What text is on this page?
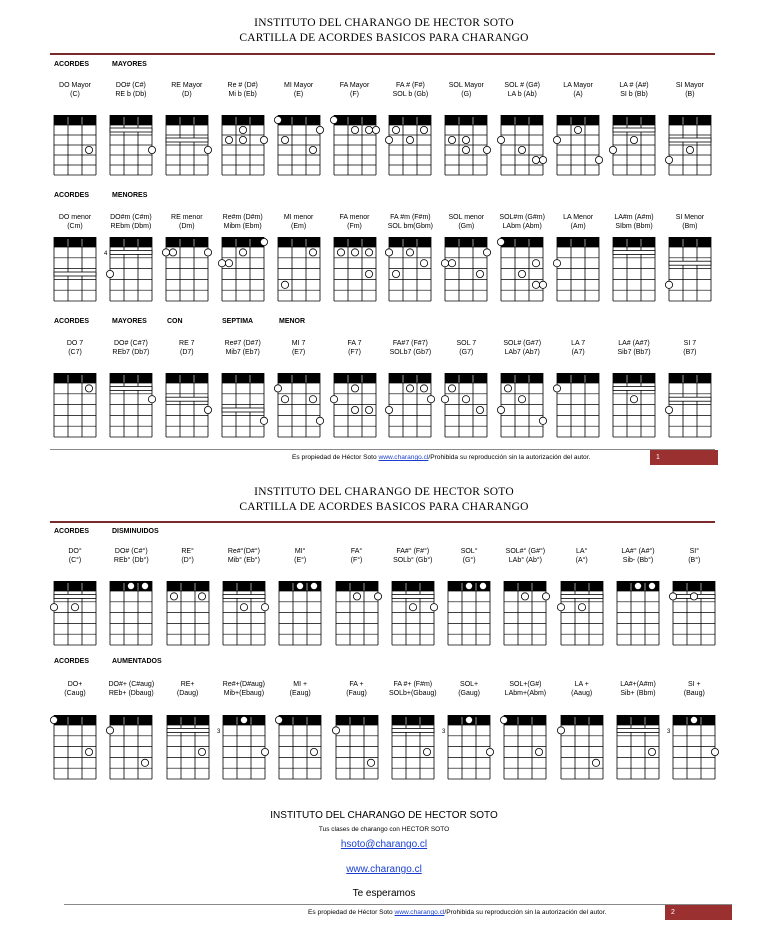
INSTITUTO DEL CHARANGO DE HECTOR SOTO
CARTILLA DE ACORDES BASICOS PARA CHARANGO
ACORDES	MAYORES
DO Mayor
(C)
DO# (C#)
RE b (Db)
RE Mayor
(D)
Re # (D#)
Mi b (Eb)
MI Mayor
(E)
FA Mayor
(F)
FA # (F#)
SOL b (Gb)
SOL Mayor
(G)
SOL # (G#)
LA b (Ab)
LA Mayor
(A)
LA # (A#)
SI b (Bb)
SI Mayor
(B)
ACORDES	MENORES
DO menor
(Cm)
DO#m (C#m)
REbm (Dbm)
4
RE menor
(Dm)
Re#m (D#m)
Mibm (Ebm)
MI menor
(Em)
FA menor
(Fm)
FA #m (F#m)
SOL bm(Gbm)
SOL menor
(Gm)
SOL#m (G#m)
LAbm (Abm)
LA Menor
(Am)
LA#m (A#m)
SIbm (Bbm)
SI Menor
(Bm)
ACORDES	MAYORES	CON	SEPTIMA	MENOR
DO 7
(C7)
DO# (C#7)
REb7 (Db7)
RE 7
(D7)
Re#7 (D#7)
Mib7 (Eb7)
MI 7
(E7)
FA 7
(F7)
FA#7 (F#7)
SOLb7 (Gb7)
SOL 7
(G7)
SOL# (G#7)
LAb7 (Ab7)
LA 7
(A7)
LA# (A#7)
Sib7 (Bb7)
SI 7
(B7)
Es propiedad de Héctor Soto www.charango.cl/Prohibida su reproducción sin la autorización del autor.	1
INSTITUTO DEL CHARANGO DE HECTOR SOTO
CARTILLA DE ACORDES BASICOS PARA CHARANGO
ACORDES	DISMINUIDOS
DO°
(C°)
DO# (C#°)
REb° (Db°)
RE°
(D°)
Re#°(D#°)
Mib° (Eb°)
MI°
(E°)
FA°
(F°)
FA#° (F#°)
SOLb° (Gb°)
SOL°
(G°)
SOL#° (G#°)
LAb° (Ab°)
LA°
(A°)
LA#° (A#°)
Sib- (Bb°)
SI°
(B°)
ACORDES	AUMENTADOS
DO+
(Caug)
DO#+ (C#aug)
REb+ (Dbaug)
RE+
(Daug)
Re#+(D#aug)
Mib+(Ebaug)
3
MI +
(Eaug)
FA +
(Faug)
FA #+ (F#m)
SOLb+(Gbaug)
SOL+
(Gaug)
3
SOL+(G#)
LAbm+(Abm)
LA +
(Aaug)
LA#+(A#m)
Sib+ (Bbm)
SI +
(Baug)
3
INSTITUTO DEL CHARANGO DE HECTOR SOTO
Tus clases de charango con HECTOR SOTO
hsoto@charango.cl
www.charango.cl
Te esperamos
Es propiedad de Héctor Soto www.charango.cl/Prohibida su reproducción sin la autorización del autor.	2
